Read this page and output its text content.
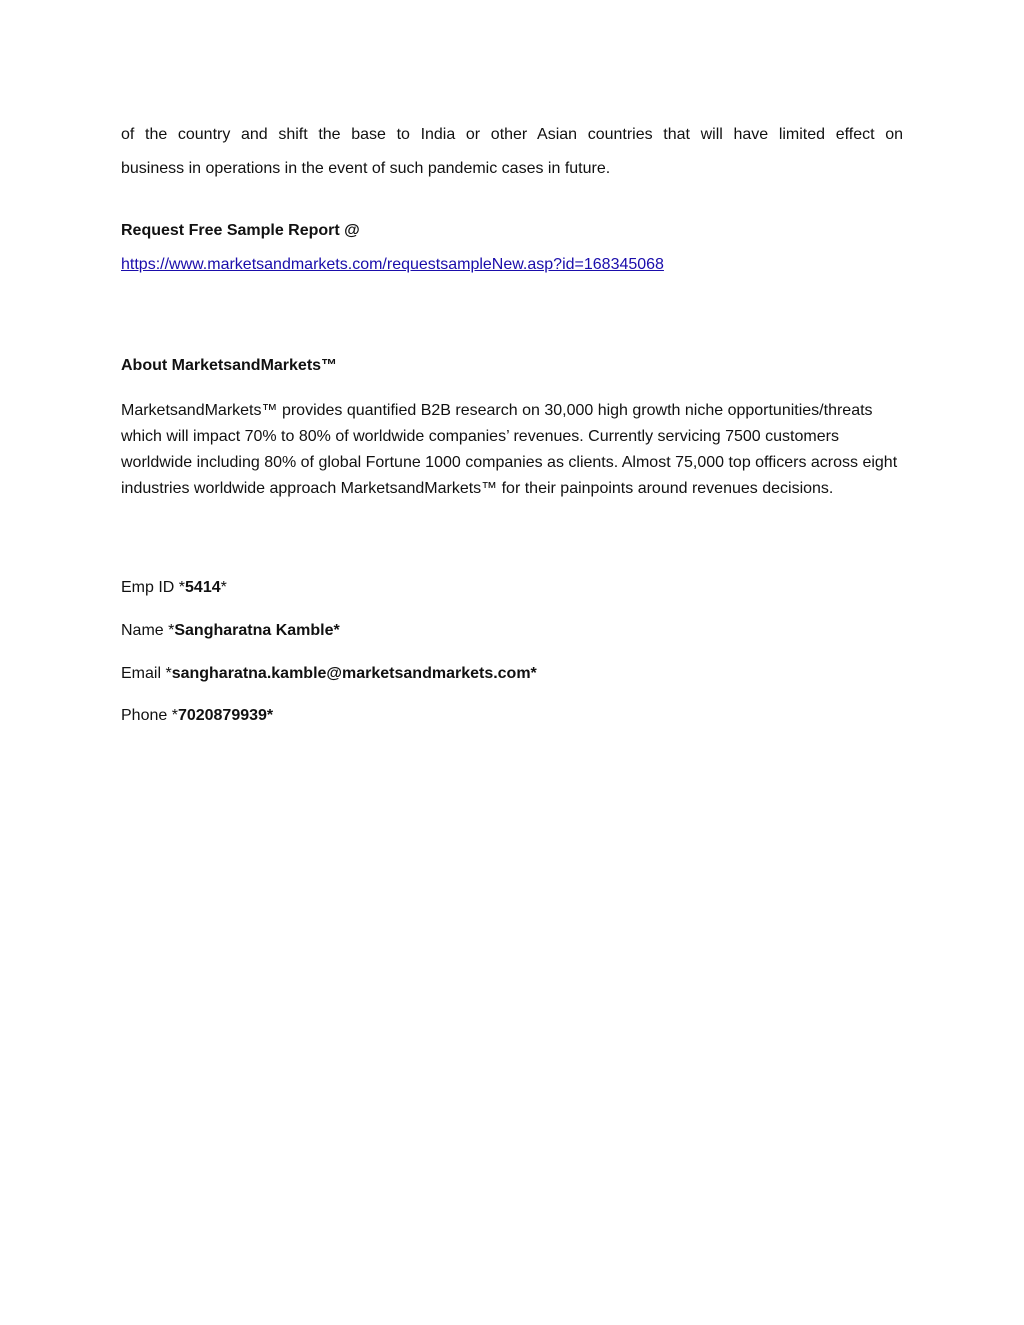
of the country and shift the base to India or other Asian countries that will have limited effect on
business in operations in the event of such pandemic cases in future.

Request Free Sample Report @

https://www.marketsandmarkets.com/requestsampleNew.asp?id=168345068

About MarketsandMarkets™

MarketsandMarkets™ provides quantified B2B research on 30,000 high growth niche opportunities/threats which will impact 70% to 80% of worldwide companies’ revenues. Currently servicing 7500 customers worldwide including 80% of global Fortune 1000 companies as clients. Almost 75,000 top officers across eight industries worldwide approach MarketsandMarkets™ for their painpoints around revenues decisions.

Emp ID *5414*

Name *Sangharatna Kamble*

Email *sangharatna.kamble@marketsandmarkets.com*

Phone *7020879939*
